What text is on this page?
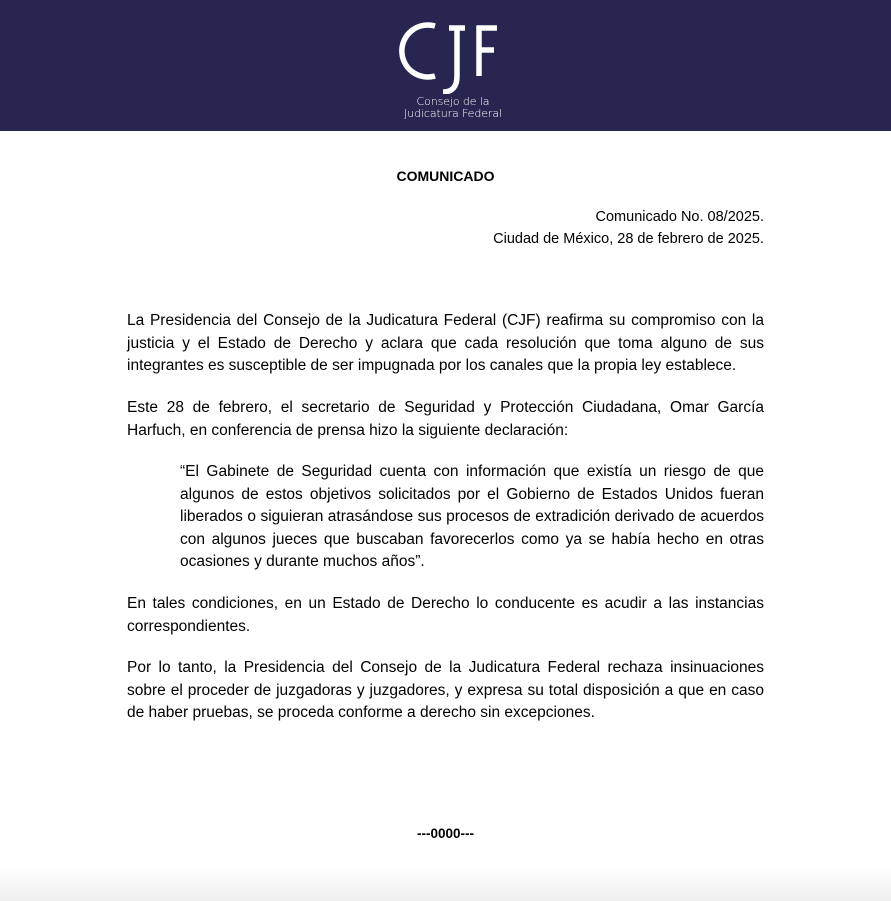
Consejo de la
Judicatura Federal
COMUNICADO
Comunicado No. 08/2025.
Ciudad de México, 28 de febrero de 2025.

La Presidencia del Consejo de la Judicatura Federal (CJF) reafirma su compromiso con la justicia y el Estado de Derecho y aclara que cada resolución que toma alguno de sus integrantes es susceptible de ser impugnada por los canales que la propia ley establece.

Este 28 de febrero, el secretario de Seguridad y Protección Ciudadana, Omar García Harfuch, en conferencia de prensa hizo la siguiente declaración:

“El Gabinete de Seguridad cuenta con información que existía un riesgo de que algunos de estos objetivos solicitados por el Gobierno de Estados Unidos fueran liberados o siguieran atrasándose sus procesos de extradición derivado de acuerdos con algunos jueces que buscaban favorecerlos como ya se había hecho en otras ocasiones y durante muchos años”.

En tales condiciones, en un Estado de Derecho lo conducente es acudir a las instancias correspondientes.

Por lo tanto, la Presidencia del Consejo de la Judicatura Federal rechaza insinuaciones sobre el proceder de juzgadoras y juzgadores, y expresa su total disposición a que en caso de haber pruebas, se proceda conforme a derecho sin excepciones.

---0000---
